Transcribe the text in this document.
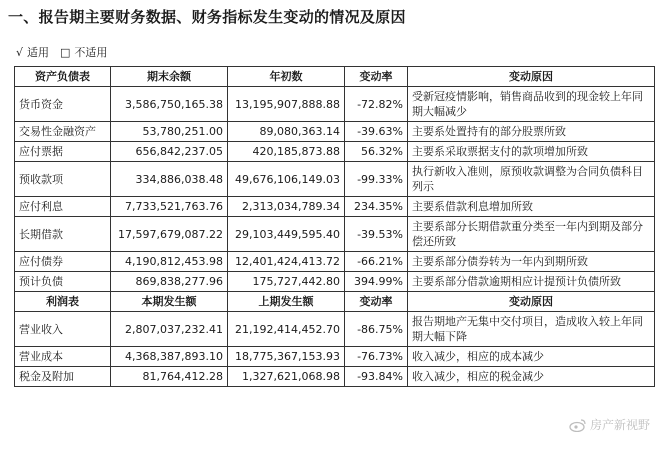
一、报告期主要财务数据、财务指标发生变动的情况及原因
√ 适用 □ 不适用
资产负债表	期末余额	年初数	变动率	变动原因
货币资金	3,586,750,165.38	13,195,907,888.88	-72.82%	受新冠疫情影响，销售商品收到的现金较上年同期大幅减少
交易性金融资产	53,780,251.00	89,080,363.14	-39.63%	主要系处置持有的部分股票所致
应付票据	656,842,237.05	420,185,873.88	56.32%	主要系采取票据支付的款项增加所致
预收款项	334,886,038.48	49,676,106,149.03	-99.33%	执行新收入准则，原预收款调整为合同负债科目列示
应付利息	7,733,521,763.76	2,313,034,789.34	234.35%	主要系借款利息增加所致
长期借款	17,597,679,087.22	29,103,449,595.40	-39.53%	主要系部分长期借款重分类至一年内到期及部分偿还所致
应付债券	4,190,812,453.98	12,401,424,413.72	-66.21%	主要系部分债券转为一年内到期所致
预计负债	869,838,277.96	175,727,442.80	394.99%	主要系部分借款逾期相应计提预计负债所致
利润表	本期发生额	上期发生额	变动率	变动原因
营业收入	2,807,037,232.41	21,192,414,452.70	-86.75%	报告期地产无集中交付项目，造成收入较上年同期大幅下降
营业成本	4,368,387,893.10	18,775,367,153.93	-76.73%	收入减少，相应的成本减少
税金及附加	81,764,412.28	1,327,621,068.98	-93.84%	收入减少，相应的税金减少
房产新视野
